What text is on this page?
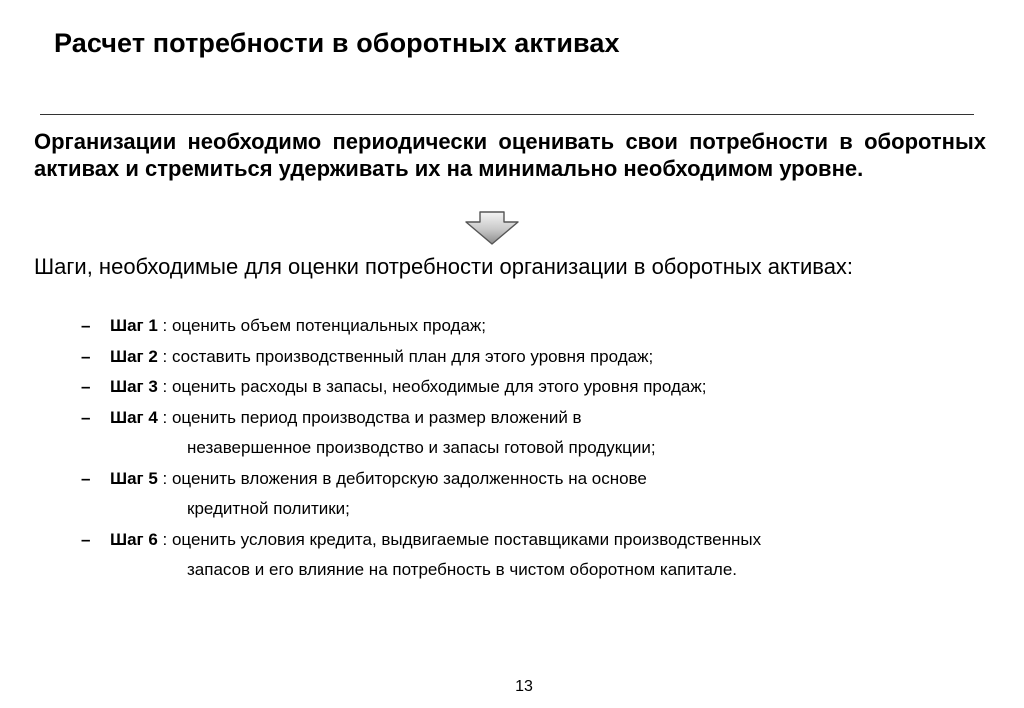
Расчет потребности в оборотных активах
Организации необходимо периодически оценивать свои потребности в оборотных активах и стремиться удерживать их на минимально необходимом уровне.
Шаги, необходимые для оценки потребности организации в оборотных активах:
– Шаг 1 : оценить объем потенциальных продаж;
– Шаг 2 : составить производственный план для этого уровня продаж;
– Шаг 3 : оценить расходы в запасы, необходимые для этого уровня продаж;
– Шаг 4 : оценить период производства и размер вложений в
незавершенное производство и запасы готовой продукции;
– Шаг 5 : оценить вложения в дебиторскую задолженность на основе
кредитной политики;
– Шаг 6 : оценить условия кредита, выдвигаемые поставщиками производственных
запасов и его влияние на потребность в чистом оборотном капитале.
13
